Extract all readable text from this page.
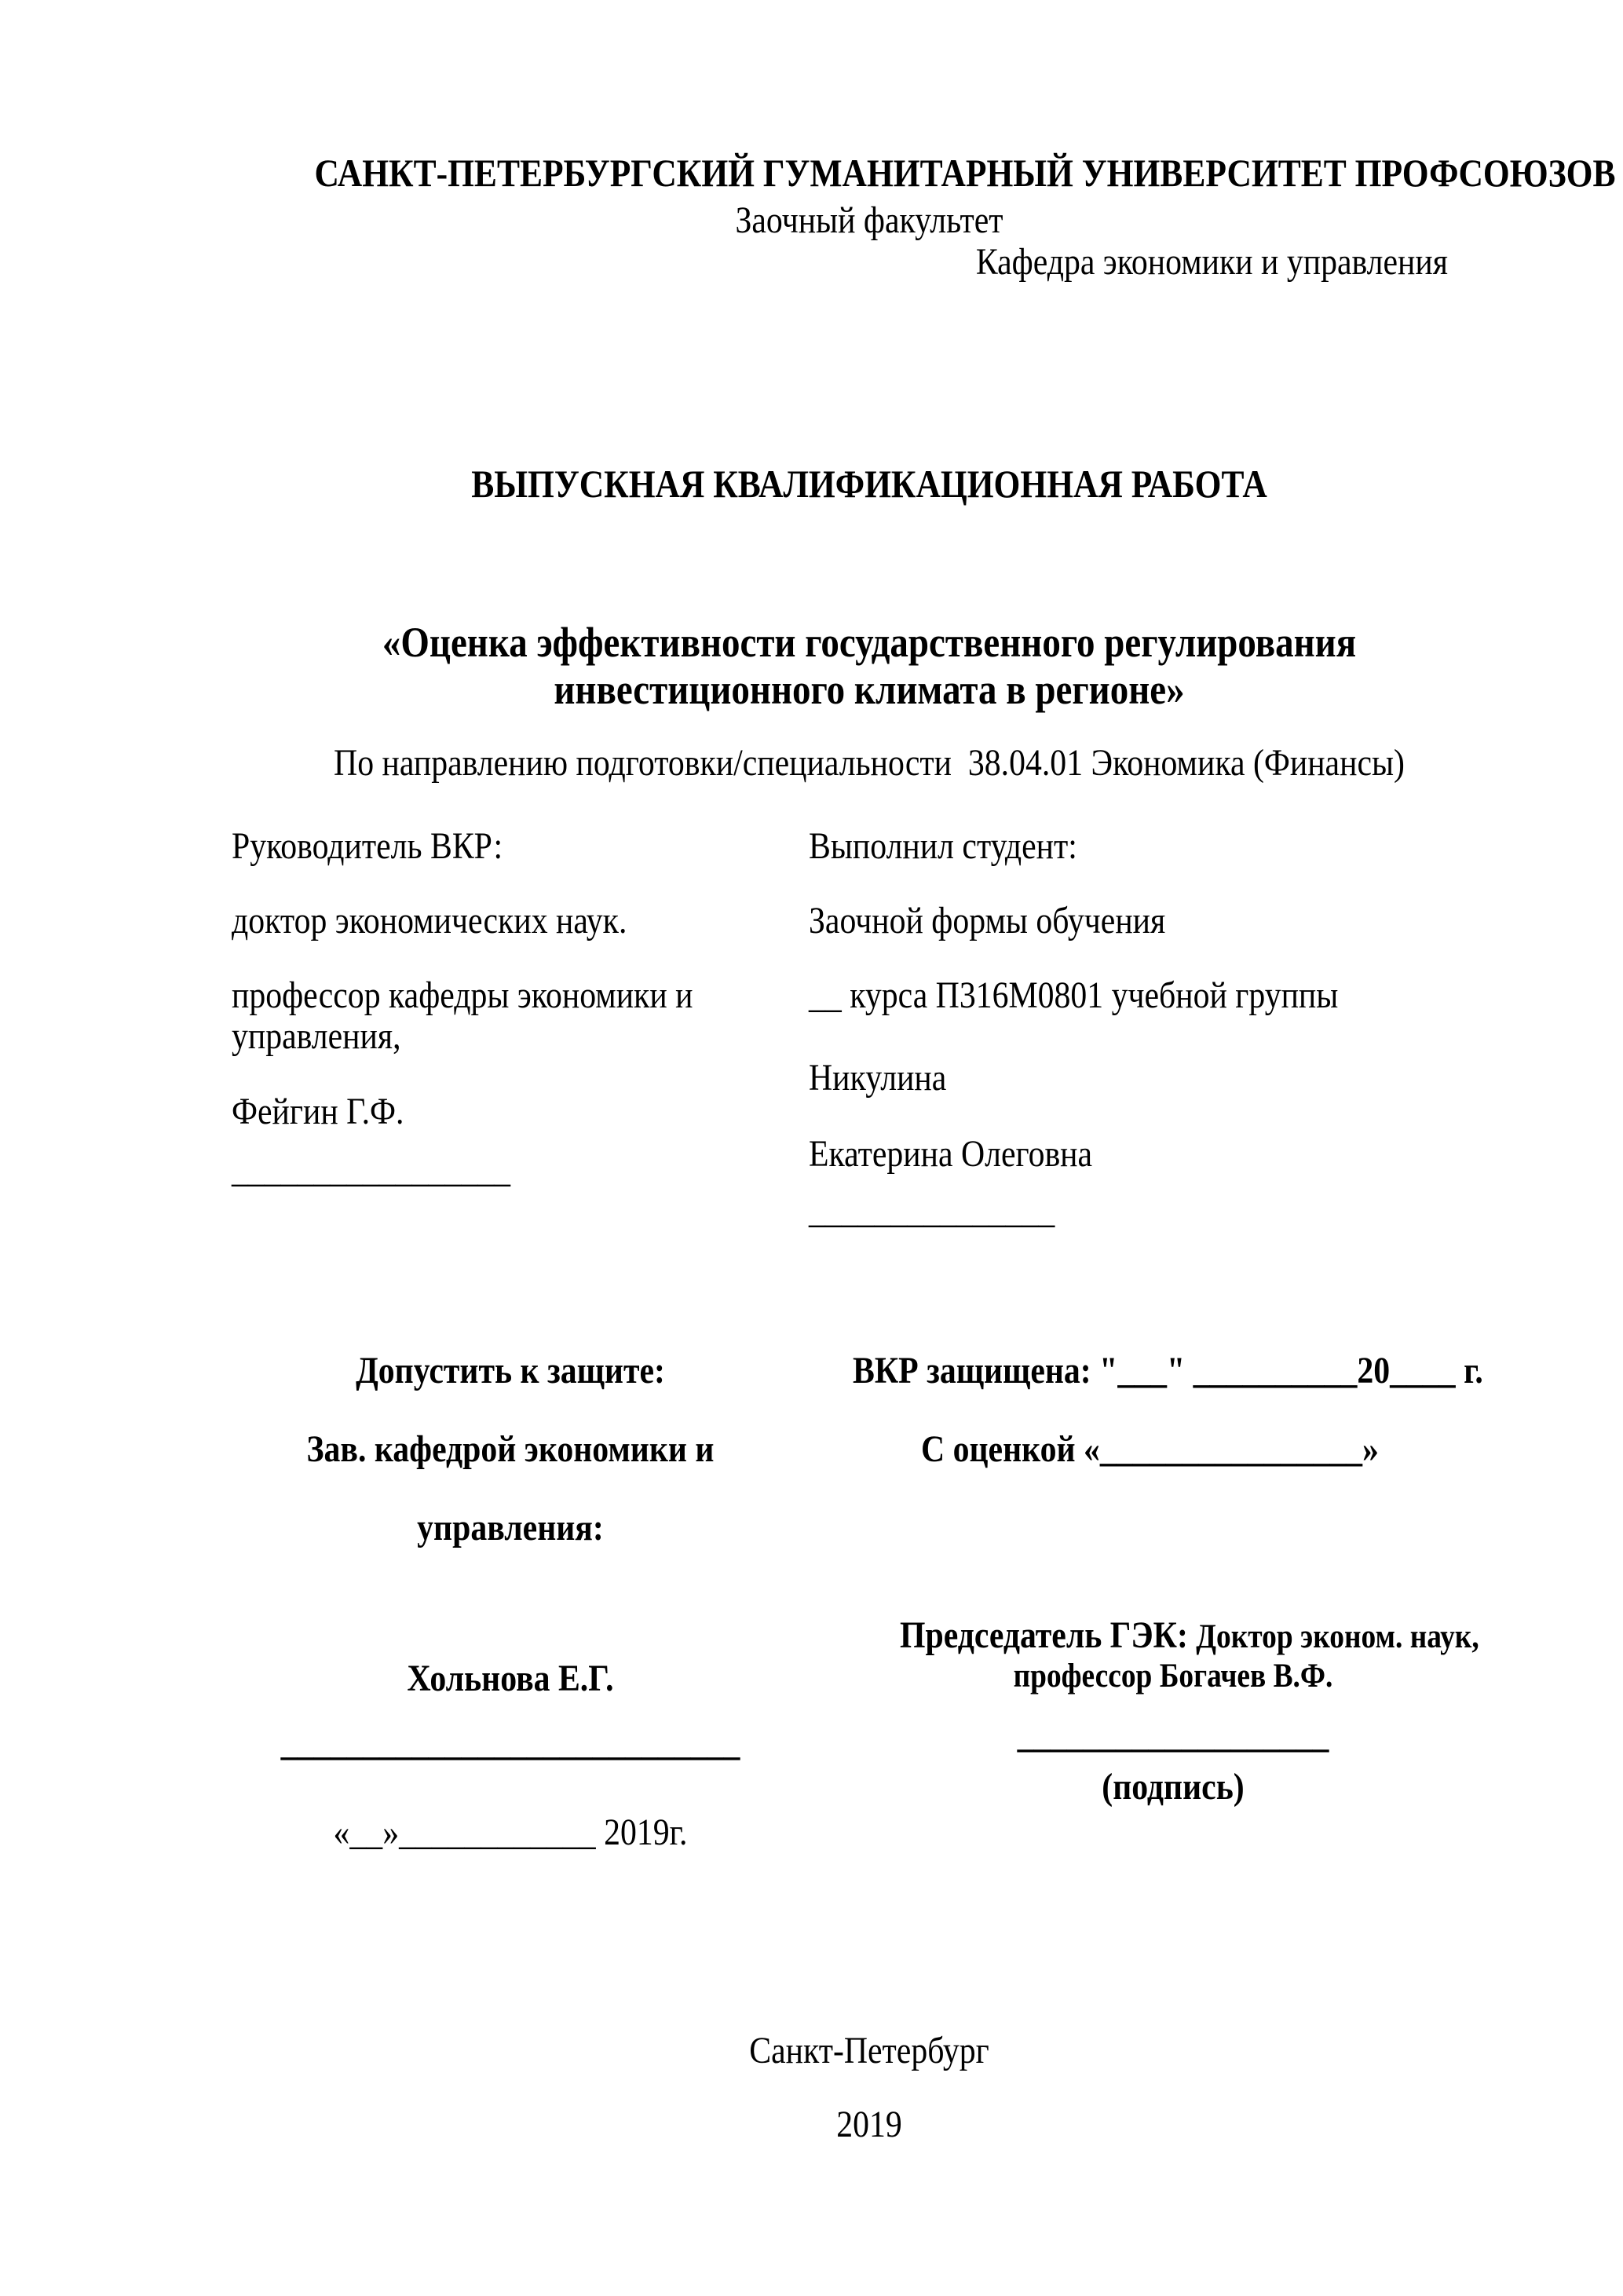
САНКТ-ПЕТЕРБУРГСКИЙ ГУМАНИТАРНЫЙ УНИВЕРСИТЕТ ПРОФСОЮЗОВ
Заочный факультет
Кафедра экономики и управления
ВЫПУСКНАЯ КВАЛИФИКАЦИОННАЯ РАБОТА
«Оценка эффективности государственного регулирования
инвестиционного климата в регионе»
По направлению подготовки/специальности  38.04.01 Экономика (Финансы)
Руководитель ВКР:
доктор экономических наук.
профессор кафедры экономики и
управления,
Фейгин Г.Ф.
_________________
Выполнил студент:
Заочной формы обучения
__ курса П316М0801 учебной группы
Никулина
Екатерина Олеговна
_______________
Допустить к защите:
Зав. кафедрой экономики и
управления:
Хольнова Е.Г.
____________________________
«__»____________ 2019г.
ВКР защищена: "___" __________20____ г.
С оценкой «________________»
Председатель ГЭК: Доктор эконом. наук,
профессор Богачев В.Ф.
___________________
(подпись)
Санкт-Петербург
2019
